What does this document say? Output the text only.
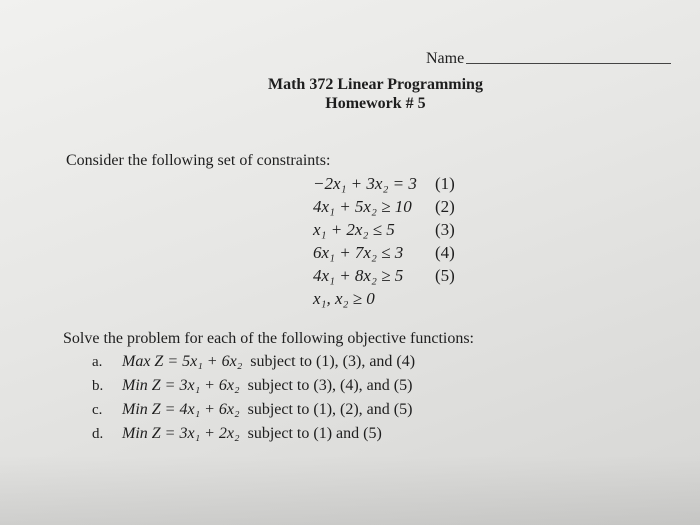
Name
Math 372 Linear Programming
Homework # 5
Consider the following set of constraints:
−2x₁ + 3x₂ = 3	(1)
4x₁ + 5x₂ ≥ 10	(2)
x₁ + 2x₂ ≤ 5	(3)
6x₁ + 7x₂ ≤ 3	(4)
4x₁ + 8x₂ ≥ 5	(5)
x₁, x₂ ≥ 0
Solve the problem for each of the following objective functions:
a.	Max Z = 5x₁ + 6x₂ subject to (1), (3), and (4)
b.	Min Z = 3x₁ + 6x₂ subject to (3), (4), and (5)
c.	Min Z = 4x₁ + 6x₂ subject to (1), (2), and (5)
d.	Min Z = 3x₁ + 2x₂ subject to (1) and (5)
